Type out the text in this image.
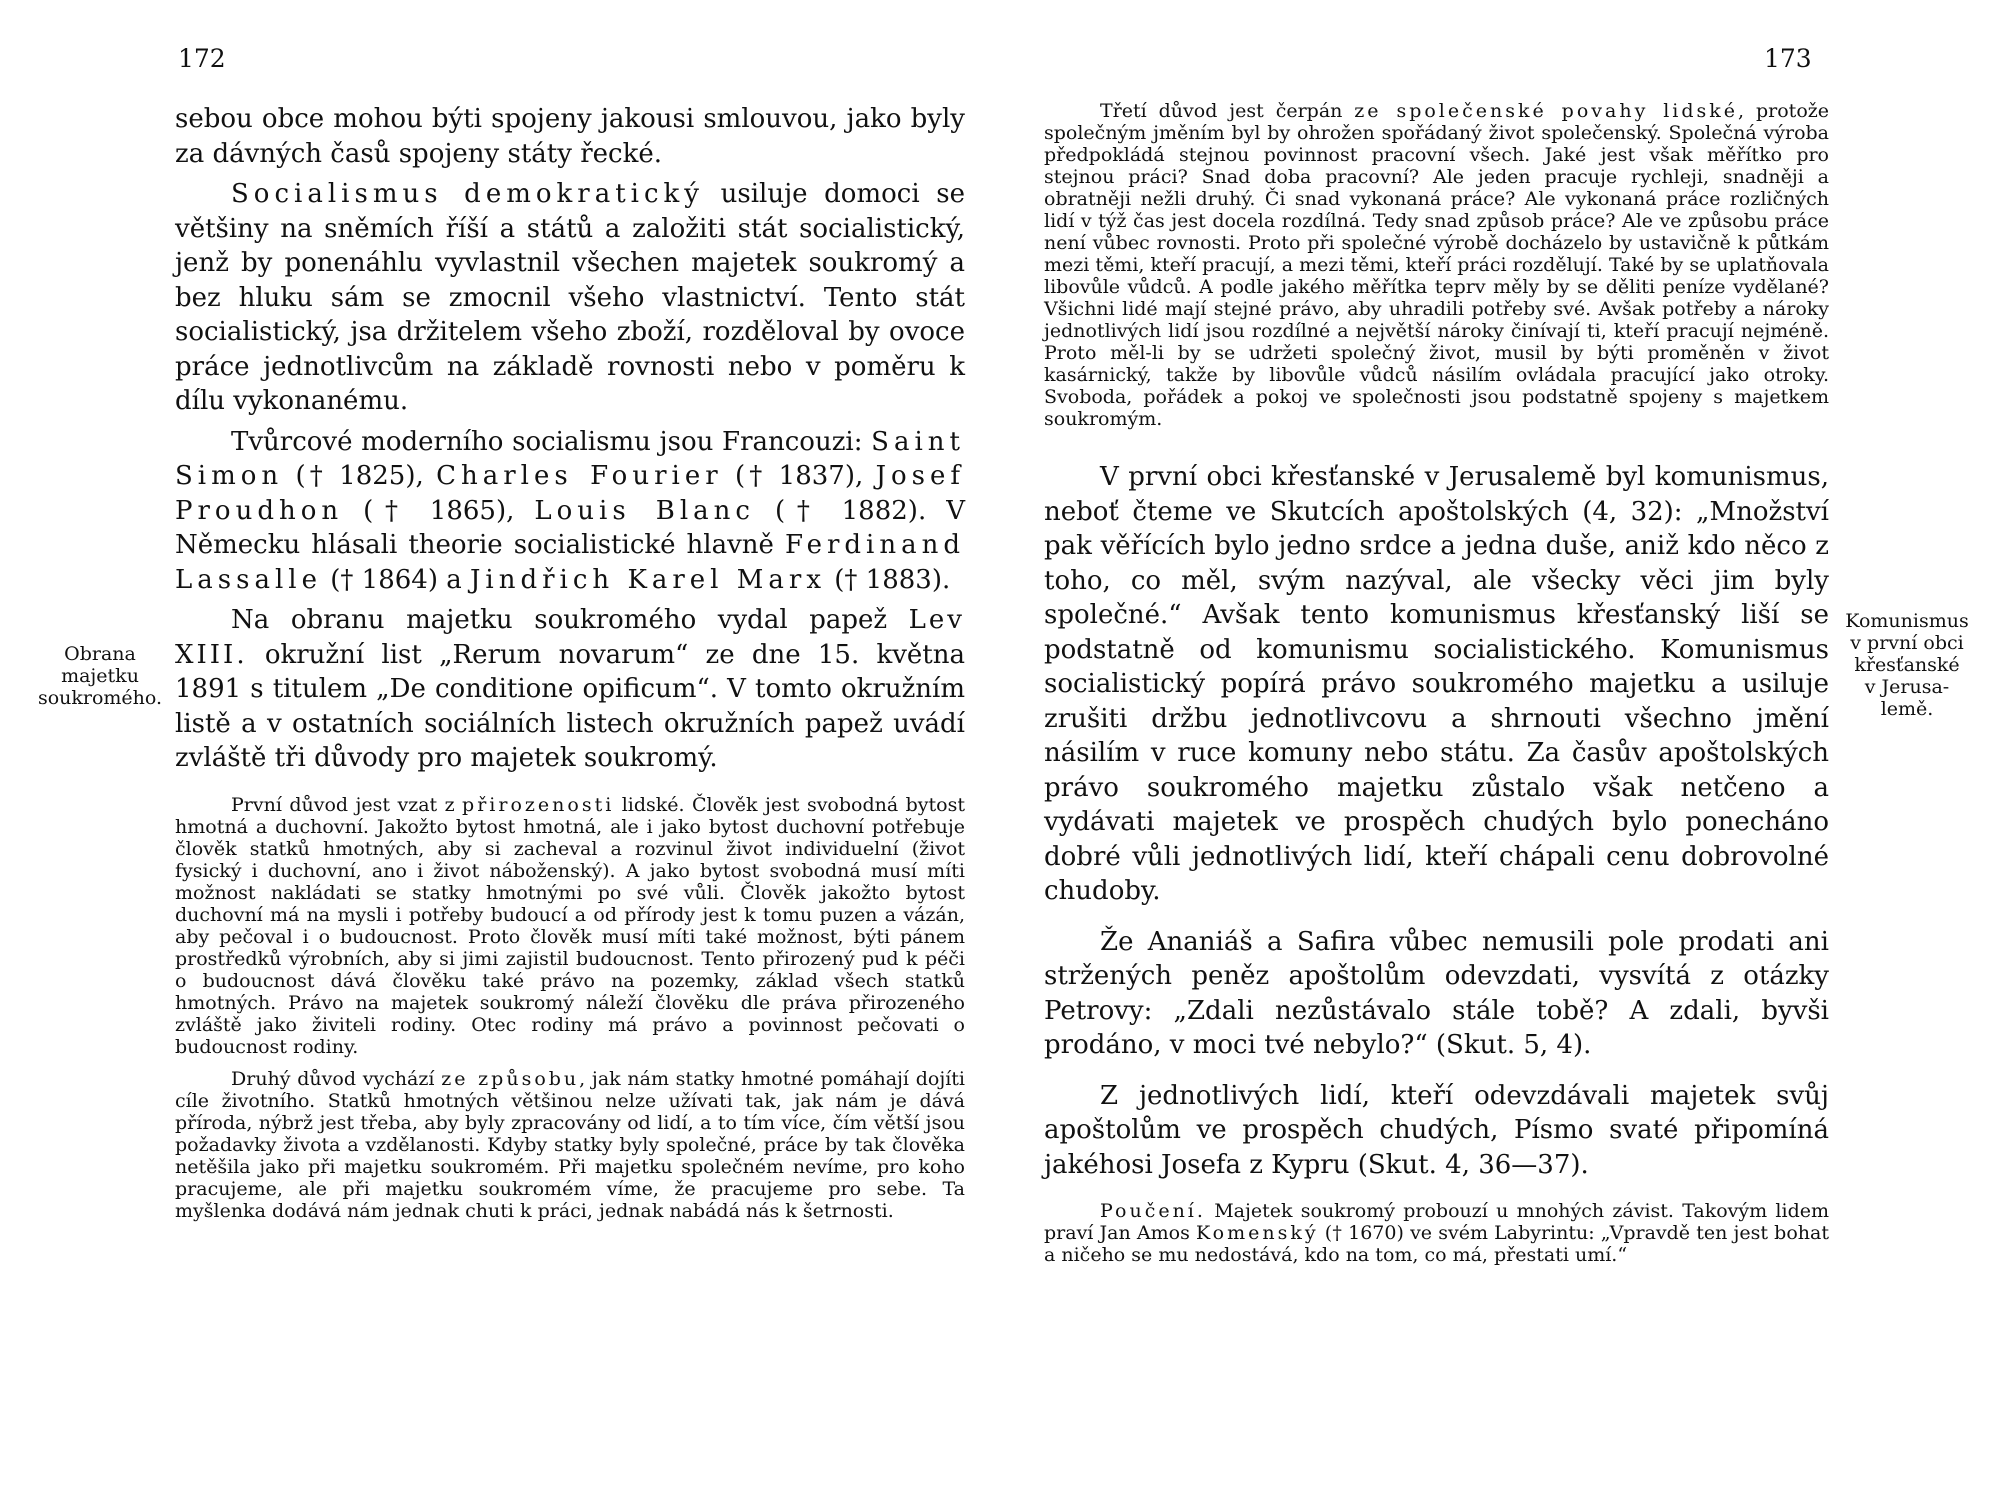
172	173
Obrana
majetku
soukromého.

sebou obce mohou býti spojeny jakousi smlouvou, jako byly za dávných časů spojeny státy řecké.

Socialismus demokratický usiluje domoci se většiny na sněmích říší a států a založiti stát socialistický, jenž by ponenáhlu vyvlastnil všechen majetek soukromý a bez hluku sám se zmocnil všeho vlastnictví. Tento stát socialistický, jsa držitelem všeho zboží, rozděloval by ovoce práce jednotlivcům na základě rovnosti nebo v poměru k dílu vykonanému.

Tvůrcové moderního socialismu jsou Francouzi: Saint Simon († 1825), Charles Fourier († 1837), Josef Proudhon († 1865), Louis Blanc († 1882). V Německu hlásali theorie socialistické hlavně Ferdinand Lassalle († 1864) a Jindřich Karel Marx († 1883).

Na obranu majetku soukromého vydal papež Lev XIII. okružní list „Rerum novarum“ ze dne 15. května 1891 s titulem „De conditione opificum“. V tomto okružním listě a v ostatních sociálních listech okružních papež uvádí zvláště tři důvody pro majetek soukromý.

První důvod jest vzat z přirozenosti lidské. Člověk jest svobodná bytost hmotná a duchovní. Jakožto bytost hmotná, ale i jako bytost duchovní potřebuje člověk statků hmotných, aby si zacheval a rozvinul život individuelní (život fysický i duchovní, ano i život náboženský). A jako bytost svobodná musí míti možnost nakládati se statky hmotnými po své vůli. Člověk jakožto bytost duchovní má na mysli i potřeby budoucí a od přírody jest k tomu puzen a vázán, aby pečoval i o budoucnost. Proto člověk musí míti také možnost, býti pánem prostředků výrobních, aby si jimi zajistil budoucnost. Tento přirozený pud k péči o budoucnost dává člověku také právo na pozemky, základ všech statků hmotných. Právo na majetek soukromý náleží člověku dle práva přirozeného zvláště jako živiteli rodiny. Otec rodiny má právo a povinnost pečovati o budoucnost rodiny.

Druhý důvod vychází ze způsobu, jak nám statky hmotné pomáhají dojíti cíle životního. Statků hmotných většinou nelze užívati tak, jak nám je dává příroda, nýbrž jest třeba, aby byly zpracovány od lidí, a to tím více, čím větší jsou požadavky života a vzdělanosti. Kdyby statky byly společné, práce by tak člověka netěšila jako při majetku soukromém. Při majetku společném nevíme, pro koho pracujeme, ale při majetku soukromém víme, že pracujeme pro sebe. Ta myšlenka dodává nám jednak chuti k práci, jednak nabádá nás k šetrnosti.

Třetí důvod jest čerpán ze společenské povahy lidské, protože společným jměním byl by ohrožen spořádaný život společenský. Společná výroba předpokládá stejnou povinnost pracovní všech. Jaké jest však měřítko pro stejnou práci? Snad doba pracovní? Ale jeden pracuje rychleji, snadněji a obratněji nežli druhý. Či snad vykonaná práce? Ale vykonaná práce rozličných lidí v týž čas jest docela rozdílná. Tedy snad způsob práce? Ale ve způsobu práce není vůbec rovnosti. Proto při společné výrobě docházelo by ustavičně k půtkám mezi těmi, kteří pracují, a mezi těmi, kteří práci rozdělují. Také by se uplatňovala libovůle vůdců. A podle jakého měřítka teprv měly by se děliti peníze vydělané? Všichni lidé mají stejné právo, aby uhradili potřeby své. Avšak potřeby a nároky jednotlivých lidí jsou rozdílné a největší nároky činívají ti, kteří pracují nejméně. Proto měl-li by se udržeti společný život, musil by býti proměněn v život kasárnický, takže by libovůle vůdců násilím ovládala pracující jako otroky. Svoboda, pořádek a pokoj ve společnosti jsou podstatně spojeny s majetkem soukromým.

V první obci křesťanské v Jerusalemě byl komunismus, neboť čteme ve Skutcích apoštolských (4, 32): „Množství pak věřících bylo jedno srdce a jedna duše, aniž kdo něco z toho, co měl, svým nazýval, ale všecky věci jim byly společné.“ Avšak tento komunismus křesťanský liší se podstatně od komunismu socialistického. Komunismus socialistický popírá právo soukromého majetku a usiluje zrušiti držbu jednotlivcovu a shrnouti všechno jmění násilím v ruce komuny nebo státu. Za časův apoštolských právo soukromého majetku zůstalo však netčeno a vydávati majetek ve prospěch chudých bylo ponecháno dobré vůli jednotlivých lidí, kteří chápali cenu dobrovolné chudoby.

Že Ananiáš a Safira vůbec nemusili pole prodati ani stržených peněz apoštolům odevzdati, vysvítá z otázky Petrovy: „Zdali nezůstávalo stále tobě? A zdali, byvši prodáno, v moci tvé nebylo?“ (Skut. 5, 4).

Z jednotlivých lidí, kteří odevzdávali majetek svůj apoštolům ve prospěch chudých, Písmo svaté připomíná jakéhosi Josefa z Kypru (Skut. 4, 36—37).

Poučení. Majetek soukromý probouzí u mnohých závist. Takovým lidem praví Jan Amos Komenský († 1670) ve svém Labyrintu: „Vpravdě ten jest bohat a ničeho se mu nedostává, kdo na tom, co má, přestati umí.“

Komunismus
v první obci
křesťanské
v Jerusa-
lemě.
